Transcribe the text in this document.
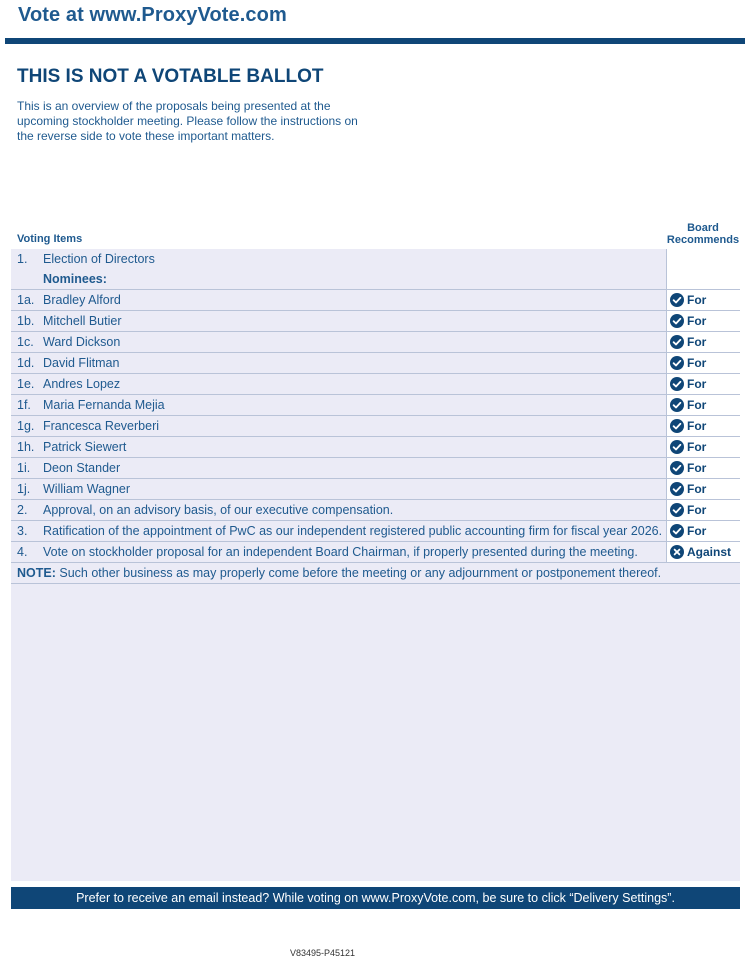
Vote at www.ProxyVote.com
THIS IS NOT A VOTABLE BALLOT
This is an overview of the proposals being presented at the upcoming stockholder meeting. Please follow the instructions on the reverse side to vote these important matters.
Voting Items
Board
Recommends
1. Election of Directors
Nominees:
1a. Bradley Alford	For
1b. Mitchell Butier	For
1c. Ward Dickson	For
1d. David Flitman	For
1e. Andres Lopez	For
1f. Maria Fernanda Mejia	For
1g. Francesca Reverberi	For
1h. Patrick Siewert	For
1i. Deon Stander	For
1j. William Wagner	For
2. Approval, on an advisory basis, of our executive compensation.	For
3. Ratification of the appointment of PwC as our independent registered public accounting firm for fiscal year 2026. For
4. Vote on stockholder proposal for an independent Board Chairman, if properly presented during the meeting.	Against
NOTE: Such other business as may properly come before the meeting or any adjournment or postponement thereof.
Prefer to receive an email instead? While voting on www.ProxyVote.com, be sure to click “Delivery Settings”.
V83495-P45121
